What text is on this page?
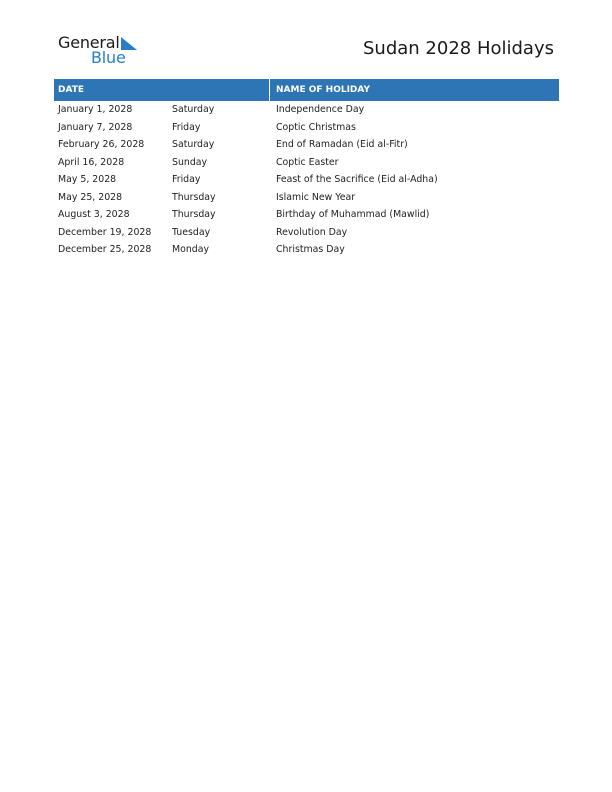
General
Blue	Sudan 2028 Holidays
DATE	NAME OF HOLIDAY
January 1, 2028	Saturday	Independence Day
January 7, 2028	Friday	Coptic Christmas
February 26, 2028	Saturday	End of Ramadan (Eid al-Fitr)
April 16, 2028	Sunday	Coptic Easter
May 5, 2028	Friday	Feast of the Sacrifice (Eid al-Adha)
May 25, 2028	Thursday	Islamic New Year
August 3, 2028	Thursday	Birthday of Muhammad (Mawlid)
December 19, 2028 Tuesday	Revolution Day
December 25, 2028 Monday	Christmas Day
